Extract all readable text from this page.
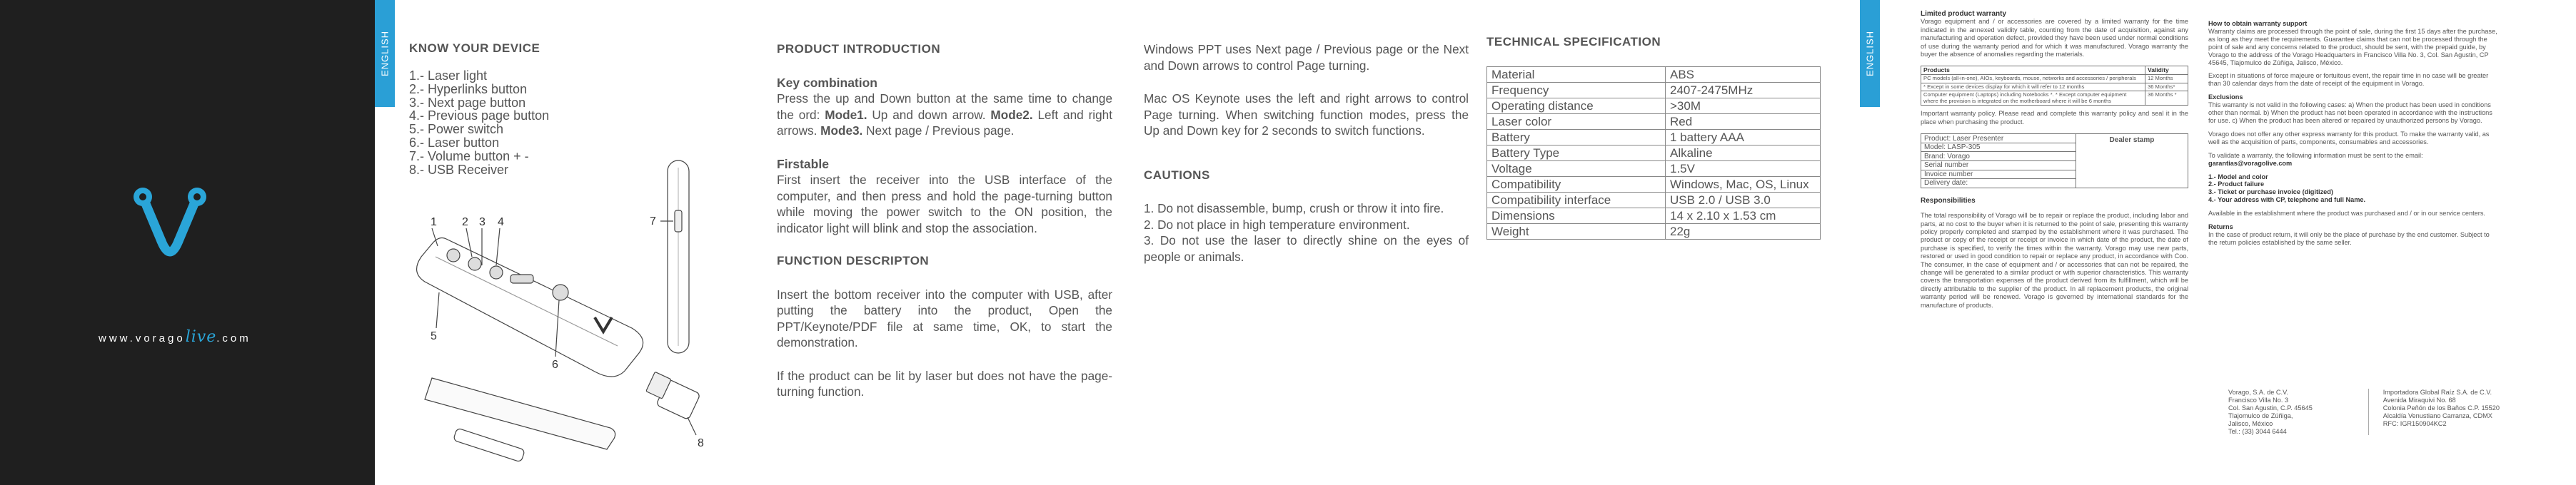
www.voragolive.com
ENGLISH KNOW YOUR DEVICE
1.- Laser light
2.- Hyperlinks button
3.- Next page button
4.- Previous page button
5.- Power switch
6.- Laser button
7.- Volume button + -
8.- USB Receiver
1 2 3 4
5
6
7
8
PRODUCT INTRODUCTION
Key combination

Press the up and Down button at the same time to change the ord: Mode1. Up and down arrow. Mode2. Left and right arrows. Mode3. Next page / Previous page.

Firstable

First insert the receiver into the USB interface of the computer, and then press and hold the page-turning button while moving the power switch to the ON position, the indicator light will blink and stop the association.

FUNCTION DESCRIPTON

Insert the bottom receiver into the computer with USB, after putting the battery into the product, Open the PPT/Keynote/PDF file at same time, OK, to start the demonstration.

If the product can be lit by laser but does not have the page-turning function.

Windows PPT uses Next page / Previous page or the Next and Down arrows to control Page turning.

Mac OS Keynote uses the left and right arrows to control Page turning. When switching function modes, press the Up and Down key for 2 seconds to switch functions.

CAUTIONS

1. Do not disassemble, bump, crush or throw it into fire.

2. Do not place in high temperature environment.

3. Do not use the laser to directly shine on the eyes of people or animals.

TECHNICAL SPECIFICATION
Material	ABS
Frequency	2407-2475MHz
Operating distance	>30M
Laser color	Red
Battery	1 battery AAA
Battery Type	Alkaline
Voltage	1.5V
Compatibility	Windows, Mac, OS, Linux
Compatibility interface	USB 2.0 / USB 3.0
Dimensions	14 x 2.10 x 1.53 cm
Weight	22g
ENGLISH
Limited product warranty

Vorago equipment and / or accessories are covered by a limited warranty for the time indicated in the annexed validity table, counting from the date of acquisition, against any manufacturing and operation defect, provided they have been used under normal conditions of use during the warranty period and for which it was manufactured. Vorago warranty the buyer the absence of anomalies regarding the materials.

Products	Validity
PC models (all-in-one), AIOs, keyboards, mouse, networks and accessories / peripherals	12 Months
* Except in some devices display for which it will refer to 12 months	36 Months*
Computer equipment (Laptops) including Notebooks *. * Except computer equipment where the provision is integrated on the motherboard where it will be 6 months	36 Months *

Important warranty policy. Please read and complete this warranty policy and seal it in the place when purchasing the product.

Product: Laser Presenter	Dealer stamp
Model: LASP-305
Brand: Vorago
Serial number
Invoice number
Delivery date:
Responsibilities

The total responsibility of Vorago will be to repair or replace the product, including labor and parts, at no cost to the buyer when it is returned to the point of sale, presenting this warranty policy properly completed and stamped by the establishment where it was purchased. The product or copy of the receipt or receipt or invoice in which date of the product, the date of purchase is specified, to verify the times within the warranty. Vorago may use new parts, restored or used in good condition to repair or replace any product, in accordance with Coo. The consumer, in the case of equipment and / or accessories that can not be repaired, the change will be generated to a similar product or with superior characteristics. This warranty covers the transportation expenses of the product derived from its fulfillment, which will be directly attributable to the supplier of the product. In all replacement products, the original warranty period will be renewed. Vorago is governed by international standards for the manufacture of products.

How to obtain warranty support

Warranty claims are processed through the point of sale, during the first 15 days after the purchase, as long as they meet the requirements. Guarantee claims that can not be processed through the point of sale and any concerns related to the product, should be sent, with the prepaid guide, by Vorago to the address of the Vorago Headquarters in Francisco Villa No. 3, Col. San Agustin, CP 45645, Tlajomulco de Zúñiga, Jalisco, México.

Except in situations of force majeure or fortuitous event, the repair time in no case will be greater than 30 calendar days from the date of receipt of the equipment in Vorago.

Exclusions

This warranty is not valid in the following cases: a) When the product has been used in conditions other than normal. b) When the product has not been operated in accordance with the instructions for use. c) When the product has been altered or repaired by unauthorized persons by Vorago.

Vorago does not offer any other express warranty for this product. To make the warranty valid, as well as the acquisition of parts, components, consumables and accessories.

To validate a warranty, the following information must be sent to the email:

garantias@voragolive.com

1.- Model and color

2.- Product failure

3.- Ticket or purchase invoice (digitized)

4.- Your address with CP, telephone and full Name.

Available in the establishment where the product was purchased and / or in our service centers.

Returns

In the case of product return, it will only be the place of purchase by the end customer. Subject to the return policies established by the same seller.

Vorago, S.A. de C.V.
Francisco Villa No. 3
Col. San Agustin, C.P. 45645
Tlajomulco de Zúñiga,
Jalisco, México
Tel.: (33) 3044 6444
Importadora Global Raíz S.A. de C.V.
Avenida Miraquivi No. 68
Colonia Peñón de los Baños C.P. 15520
Alcaldía Venustiano Carranza, CDMX
RFC: IGR150904KC2
